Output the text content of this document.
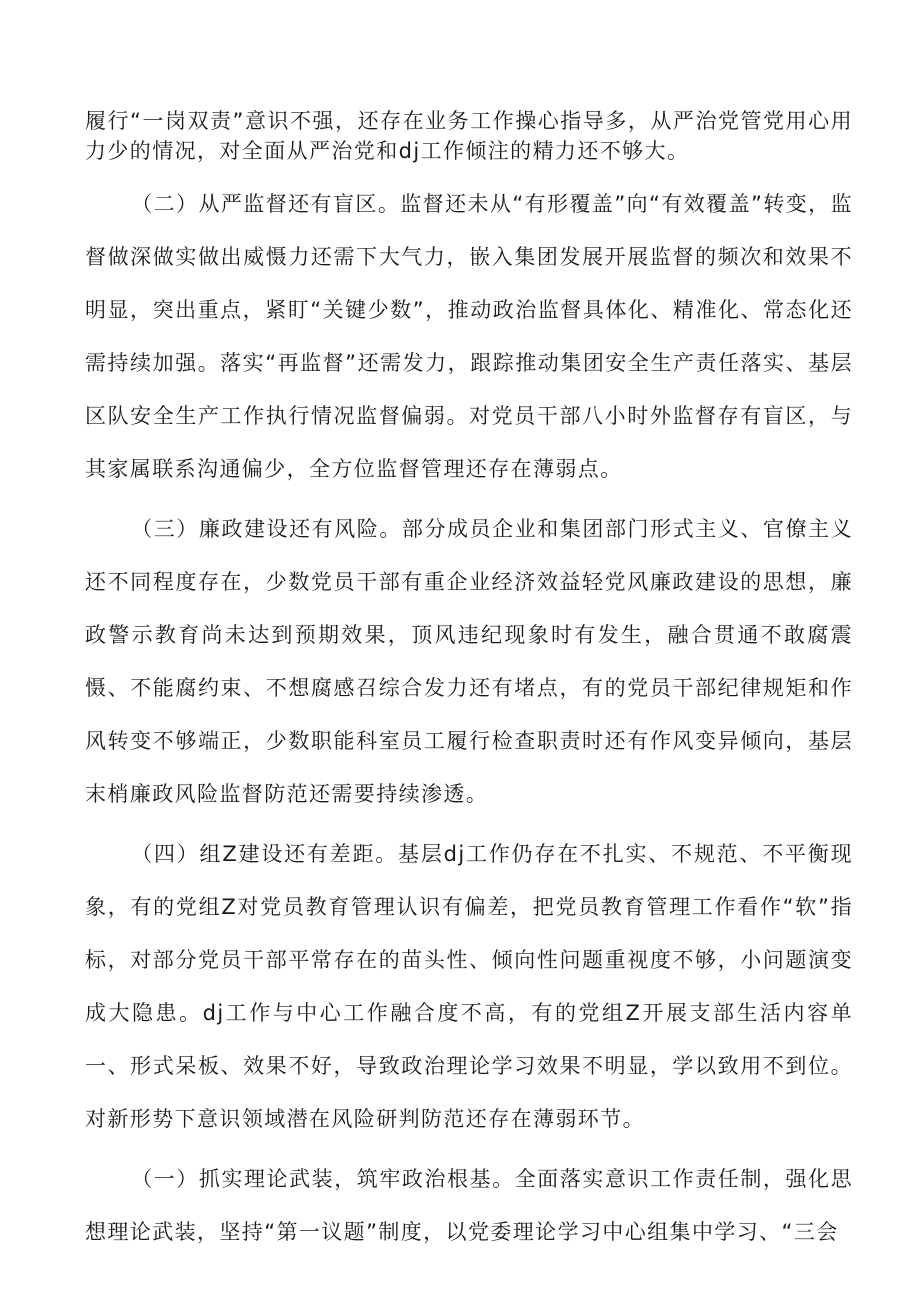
履行“一岗双责”意识不强，还存在业务工作操心指导多，从严治党管党用心用力少的情况，对全面从严治党和dj工作倾注的精力还不够大。

（二）从严监督还有盲区。监督还未从“有形覆盖”向“有效覆盖”转变，监督做深做实做出威慑力还需下大气力，嵌入集团发展开展监督的频次和效果不明显，突出重点，紧盯“关键少数”，推动政治监督具体化、精准化、常态化还需持续加强。落实“再监督”还需发力，跟踪推动集团安全生产责任落实、基层区队安全生产工作执行情况监督偏弱。对党员干部八小时外监督存有盲区，与其家属联系沟通偏少，全方位监督管理还存在薄弱点。

（三）廉政建设还有风险。部分成员企业和集团部门形式主义、官僚主义还不同程度存在，少数党员干部有重企业经济效益轻党风廉政建设的思想，廉政警示教育尚未达到预期效果，顶风违纪现象时有发生，融合贯通不敢腐震慑、不能腐约束、不想腐感召综合发力还有堵点，有的党员干部纪律规矩和作风转变不够端正，少数职能科室员工履行检查职责时还有作风变异倾向，基层末梢廉政风险监督防范还需要持续渗透。

（四）组Z建设还有差距。基层dj工作仍存在不扎实、不规范、不平衡现象，有的党组Z对党员教育管理认识有偏差，把党员教育管理工作看作“软”指标，对部分党员干部平常存在的苗头性、倾向性问题重视度不够，小问题演变成大隐患。dj工作与中心工作融合度不高，有的党组Z开展支部生活内容单一、形式呆板、效果不好，导致政治理论学习效果不明显，学以致用不到位。对新形势下意识领域潜在风险研判防范还存在薄弱环节。

（一）抓实理论武装，筑牢政治根基。全面落实意识工作责任制，强化思想理论武装，坚持“第一议题”制度，以党委理论学习中心组集中学习、“三会
